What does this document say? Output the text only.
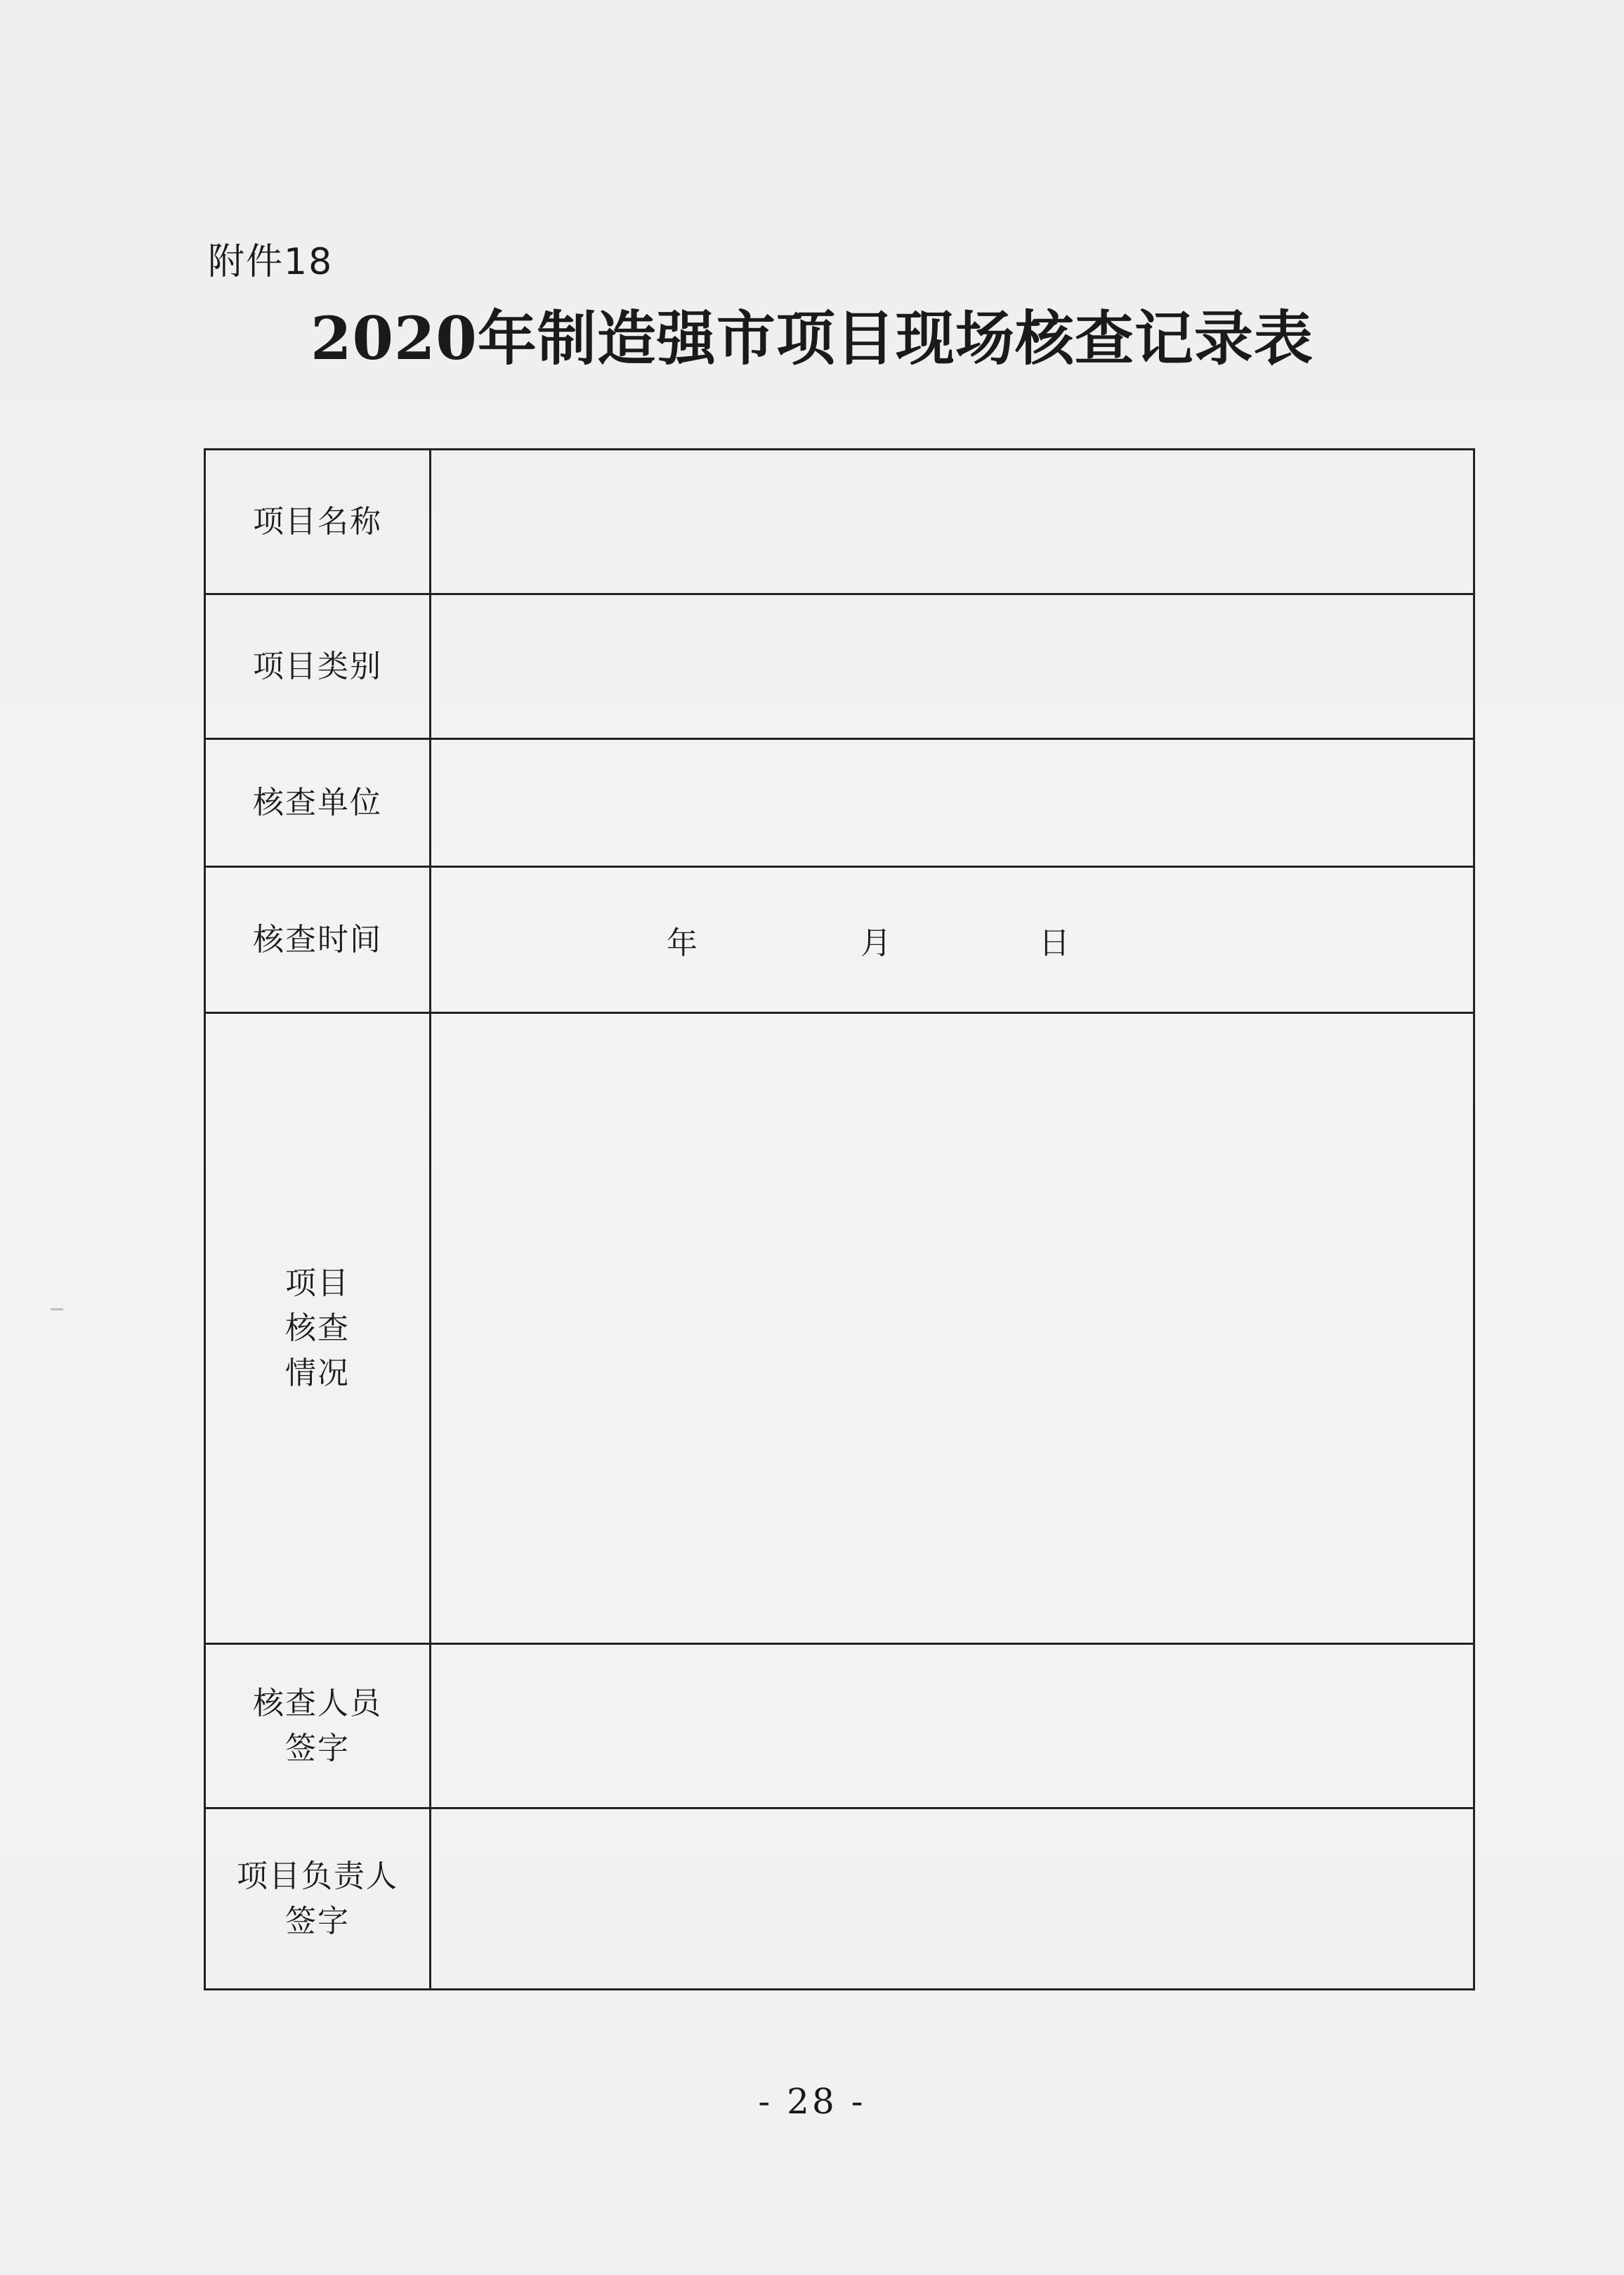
附件18
2020年制造强市项目现场核查记录表
项目名称	
项目类别	
核查单位	
核查时间	年 月 日

项目
核查
情况	

核查人员
签字	

项目负责人
签字	

- 28 -
